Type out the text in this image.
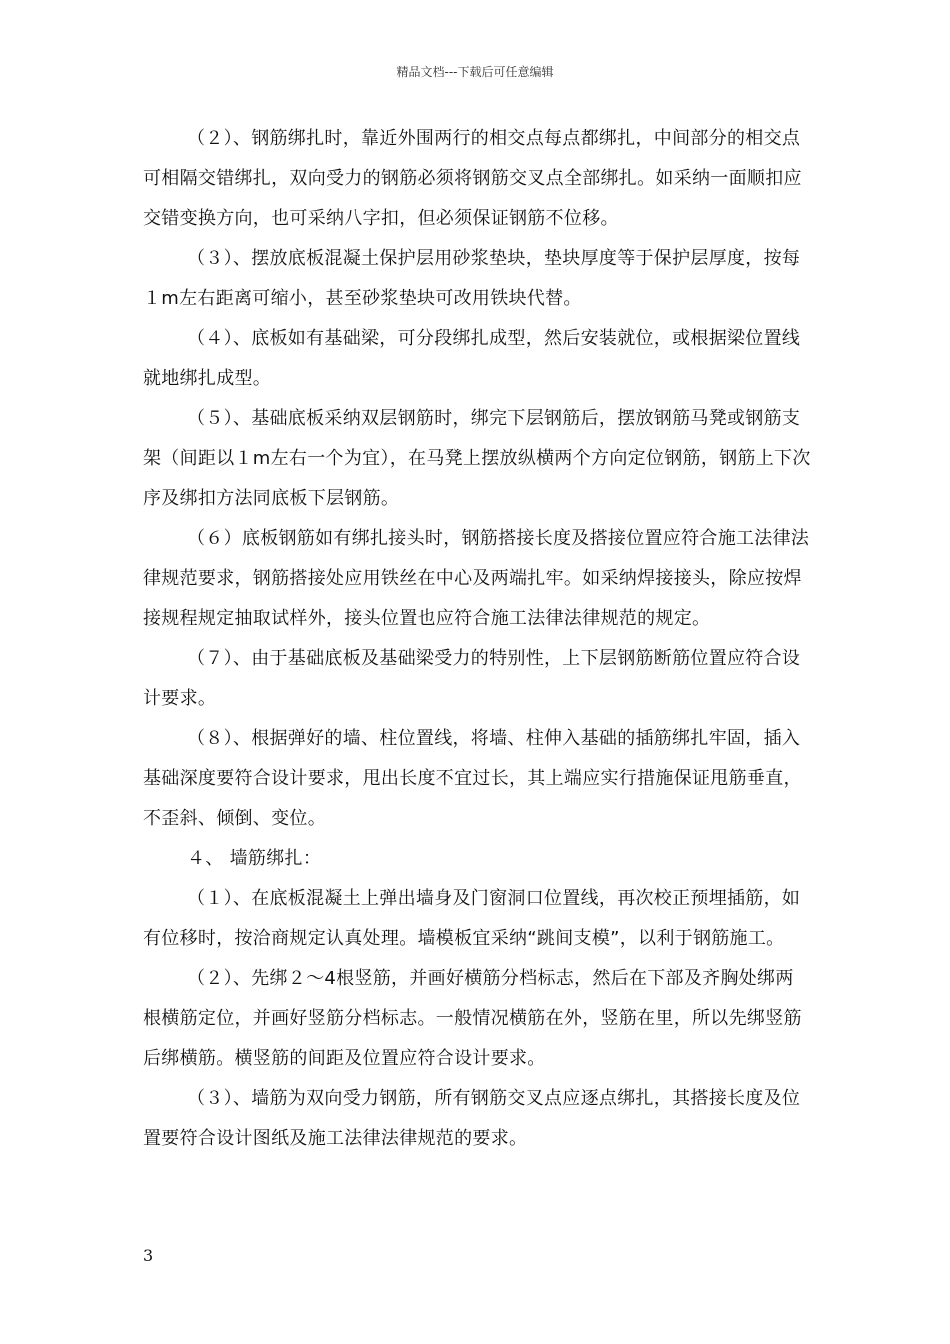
精品文档---下载后可任意编辑

（２）、钢筋绑扎时，靠近外围两行的相交点每点都绑扎，中间部分的相交点可相隔交错绑扎，双向受力的钢筋必须将钢筋交叉点全部绑扎。如采纳一面顺扣应交错变换方向，也可采纳八字扣，但必须保证钢筋不位移。

（３）、摆放底板混凝土保护层用砂浆垫块，垫块厚度等于保护层厚度，按每１m左右距离可缩小，甚至砂浆垫块可改用铁块代替。

（４）、底板如有基础梁，可分段绑扎成型，然后安装就位，或根据梁位置线就地绑扎成型。

（５）、基础底板采纳双层钢筋时，绑完下层钢筋后，摆放钢筋马凳或钢筋支架（间距以１m左右一个为宜），在马凳上摆放纵横两个方向定位钢筋，钢筋上下次序及绑扣方法同底板下层钢筋。

（６）底板钢筋如有绑扎接头时，钢筋搭接长度及搭接位置应符合施工法律法律规范要求，钢筋搭接处应用铁丝在中心及两端扎牢。如采纳焊接接头，除应按焊接规程规定抽取试样外，接头位置也应符合施工法律法律规范的规定。

（７）、由于基础底板及基础梁受力的特别性，上下层钢筋断筋位置应符合设计要求。

（８）、根据弹好的墙、柱位置线，将墙、柱伸入基础的插筋绑扎牢固，插入基础深度要符合设计要求，甩出长度不宜过长，其上端应实行措施保证甩筋垂直，不歪斜、倾倒、变位。

４、 墙筋绑扎：

（１）、在底板混凝土上弹出墙身及门窗洞口位置线，再次校正预埋插筋，如有位移时，按洽商规定认真处理。墙模板宜采纳“跳间支模”，以利于钢筋施工。

（２）、先绑２～4根竖筋，并画好横筋分档标志，然后在下部及齐胸处绑两根横筋定位，并画好竖筋分档标志。一般情况横筋在外，竖筋在里，所以先绑竖筋后绑横筋。横竖筋的间距及位置应符合设计要求。

（３）、墙筋为双向受力钢筋，所有钢筋交叉点应逐点绑扎，其搭接长度及位置要符合设计图纸及施工法律法律规范的要求。

3
